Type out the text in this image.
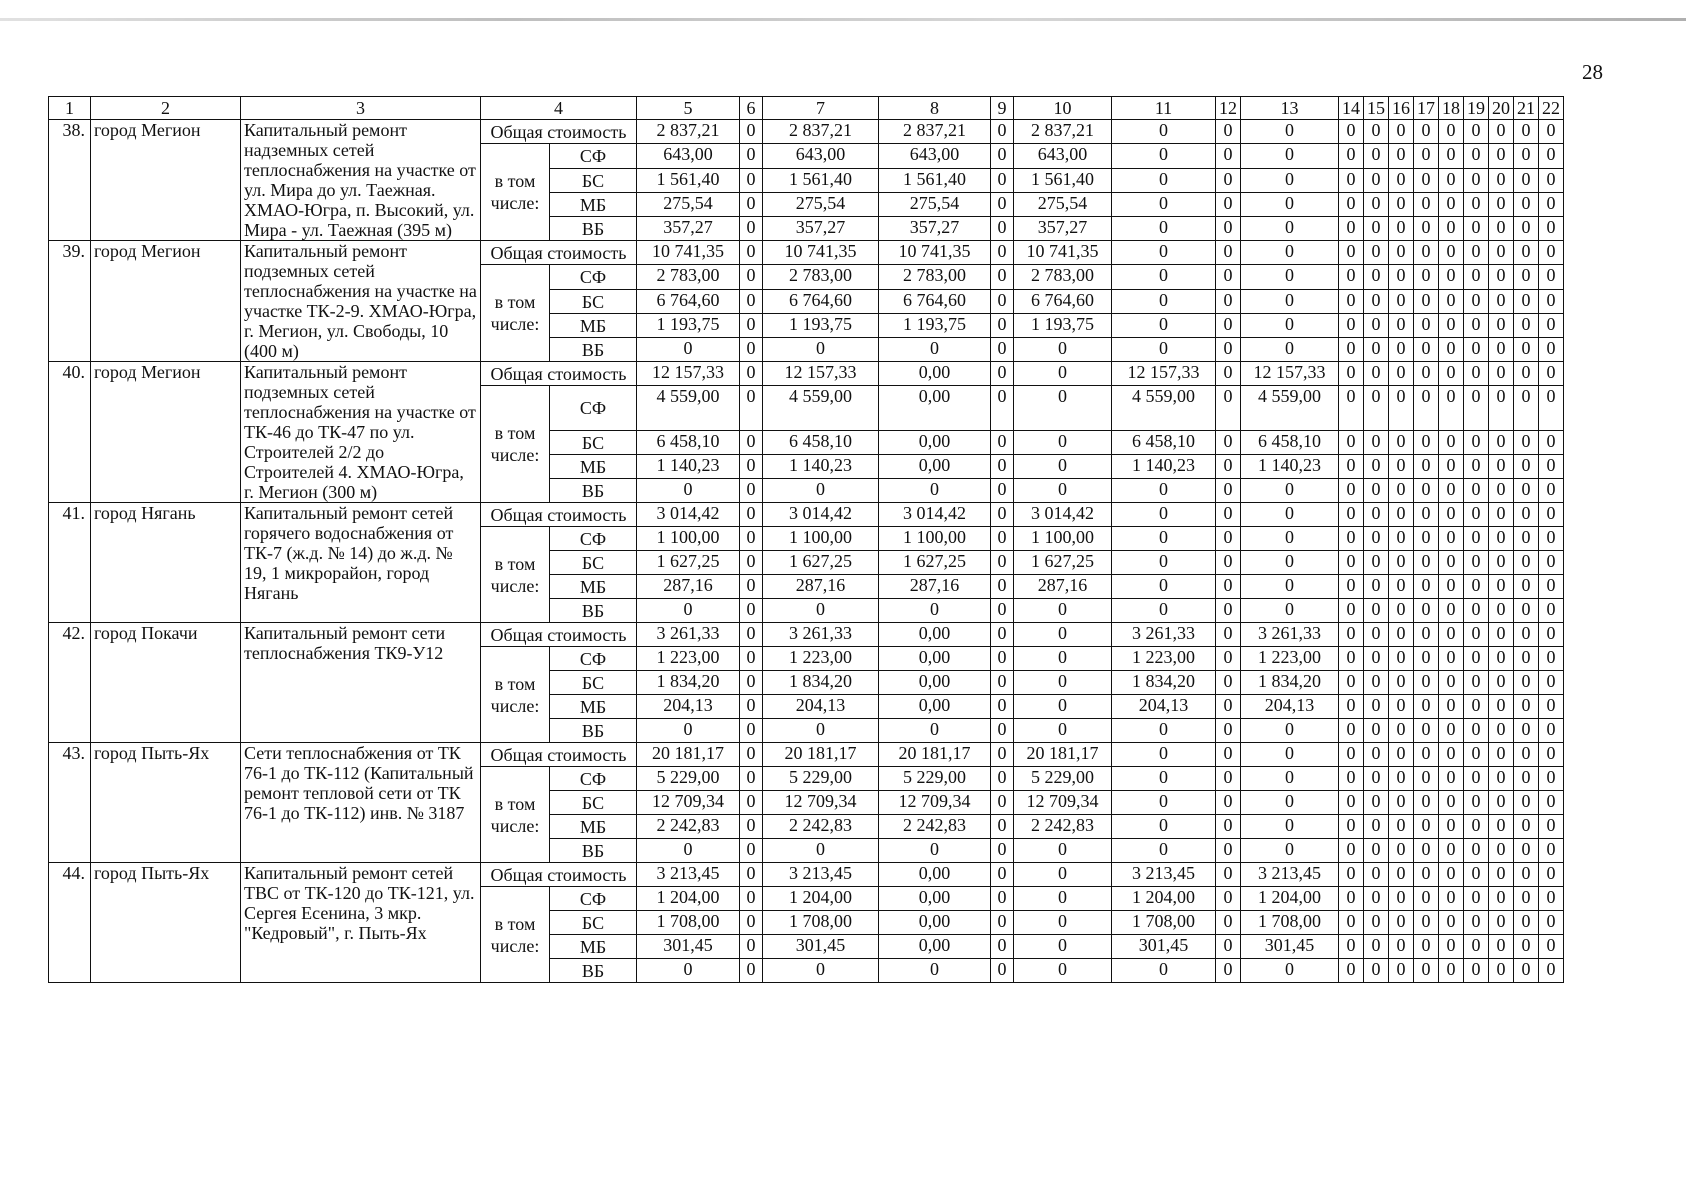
28
1	2	3	4		5	6	7	8	9	10	11	12	13	14	15	16	17	18	19	20	21	22
38.	город Мегион	Капитальный ремонт надземных сетей теплоснабжения на участке от ул. Мира до ул. Таежная. ХМАО-Югра, п. Высокий, ул. Мира - ул. Таежная (395 м)	Общая стоимость		2 837,21	0	2 837,21	2 837,21	0	2 837,21	0	0	0	0	0	0	0	0	0	0	0	0
			в том числе:	СФ	643,00	0	643,00	643,00	0	643,00	0	0	0	0	0	0	0	0	0	0	0	0
				БС	1 561,40	0	1 561,40	1 561,40	0	1 561,40	0	0	0	0	0	0	0	0	0	0	0	0
				МБ	275,54	0	275,54	275,54	0	275,54	0	0	0	0	0	0	0	0	0	0	0	0
				ВБ	357,27	0	357,27	357,27	0	357,27	0	0	0	0	0	0	0	0	0	0	0	0
39.	город Мегион	Капитальный ремонт подземных сетей теплоснабжения на участке на участке ТК-2-9. ХМАО-Югра, г. Мегион, ул. Свободы, 10 (400 м)	Общая стоимость		10 741,35	0	10 741,35	10 741,35	0	10 741,35	0	0	0	0	0	0	0	0	0	0	0	0
			в том числе:	СФ	2 783,00	0	2 783,00	2 783,00	0	2 783,00	0	0	0	0	0	0	0	0	0	0	0	0
				БС	6 764,60	0	6 764,60	6 764,60	0	6 764,60	0	0	0	0	0	0	0	0	0	0	0	0
				МБ	1 193,75	0	1 193,75	1 193,75	0	1 193,75	0	0	0	0	0	0	0	0	0	0	0	0
				ВБ	0	0	0	0	0	0	0	0	0	0	0	0	0	0	0	0	0	0
40.	город Мегион	Капитальный ремонт подземных сетей теплоснабжения на участке от ТК-46 до ТК-47 по ул. Строителей 2/2 до Строителей 4. ХМАО-Югра, г. Мегион (300 м)	Общая стоимость		12 157,33	0	12 157,33	0,00	0	0	12 157,33	0	12 157,33	0	0	0	0	0	0	0	0	0
			в том числе:	СФ	4 559,00	0	4 559,00	0,00	0	0	4 559,00	0	4 559,00	0	0	0	0	0	0	0	0	0
				БС	6 458,10	0	6 458,10	0,00	0	0	6 458,10	0	6 458,10	0	0	0	0	0	0	0	0	0
				МБ	1 140,23	0	1 140,23	0,00	0	0	1 140,23	0	1 140,23	0	0	0	0	0	0	0	0	0
				ВБ	0	0	0	0	0	0	0	0	0	0	0	0	0	0	0	0	0	0
41.	город Нягань	Капитальный ремонт сетей горячего водоснабжения от ТК-7 (ж.д. № 14) до ж.д. № 19, 1 микрорайон, город Нягань	Общая стоимость		3 014,42	0	3 014,42	3 014,42	0	3 014,42	0	0	0	0	0	0	0	0	0	0	0	0
			в том числе:	СФ	1 100,00	0	1 100,00	1 100,00	0	1 100,00	0	0	0	0	0	0	0	0	0	0	0	0
				БС	1 627,25	0	1 627,25	1 627,25	0	1 627,25	0	0	0	0	0	0	0	0	0	0	0	0
				МБ	287,16	0	287,16	287,16	0	287,16	0	0	0	0	0	0	0	0	0	0	0	0
				ВБ	0	0	0	0	0	0	0	0	0	0	0	0	0	0	0	0	0	0
42.	город Покачи	Капитальный ремонт сети теплоснабжения ТК9-У12	Общая стоимость		3 261,33	0	3 261,33	0,00	0	0	3 261,33	0	3 261,33	0	0	0	0	0	0	0	0	0
			в том числе:	СФ	1 223,00	0	1 223,00	0,00	0	0	1 223,00	0	1 223,00	0	0	0	0	0	0	0	0	0
				БС	1 834,20	0	1 834,20	0,00	0	0	1 834,20	0	1 834,20	0	0	0	0	0	0	0	0	0
				МБ	204,13	0	204,13	0,00	0	0	204,13	0	204,13	0	0	0	0	0	0	0	0	0
				ВБ	0	0	0	0	0	0	0	0	0	0	0	0	0	0	0	0	0	0
43.	город Пыть-Ях	Сети теплоснабжения от ТК 76-1 до ТК-112 (Капитальный ремонт тепловой сети от ТК 76-1 до ТК-112) инв. № 3187	Общая стоимость		20 181,17	0	20 181,17	20 181,17	0	20 181,17	0	0	0	0	0	0	0	0	0	0	0	0
			в том числе:	СФ	5 229,00	0	5 229,00	5 229,00	0	5 229,00	0	0	0	0	0	0	0	0	0	0	0	0
				БС	12 709,34	0	12 709,34	12 709,34	0	12 709,34	0	0	0	0	0	0	0	0	0	0	0	0
				МБ	2 242,83	0	2 242,83	2 242,83	0	2 242,83	0	0	0	0	0	0	0	0	0	0	0	0
				ВБ	0	0	0	0	0	0	0	0	0	0	0	0	0	0	0	0	0	0
44.	город Пыть-Ях	Капитальный ремонт сетей ТВС от ТК-120 до ТК-121, ул. Сергея Есенина, 3 мкр. "Кедровый", г. Пыть-Ях	Общая стоимость		3 213,45	0	3 213,45	0,00	0	0	3 213,45	0	3 213,45	0	0	0	0	0	0	0	0	0
			в том числе:	СФ	1 204,00	0	1 204,00	0,00	0	0	1 204,00	0	1 204,00	0	0	0	0	0	0	0	0	0
				БС	1 708,00	0	1 708,00	0,00	0	0	1 708,00	0	1 708,00	0	0	0	0	0	0	0	0	0
				МБ	301,45	0	301,45	0,00	0	0	301,45	0	301,45	0	0	0	0	0	0	0	0	0
				ВБ	0	0	0	0	0	0	0	0	0	0	0	0	0	0	0	0	0	0
